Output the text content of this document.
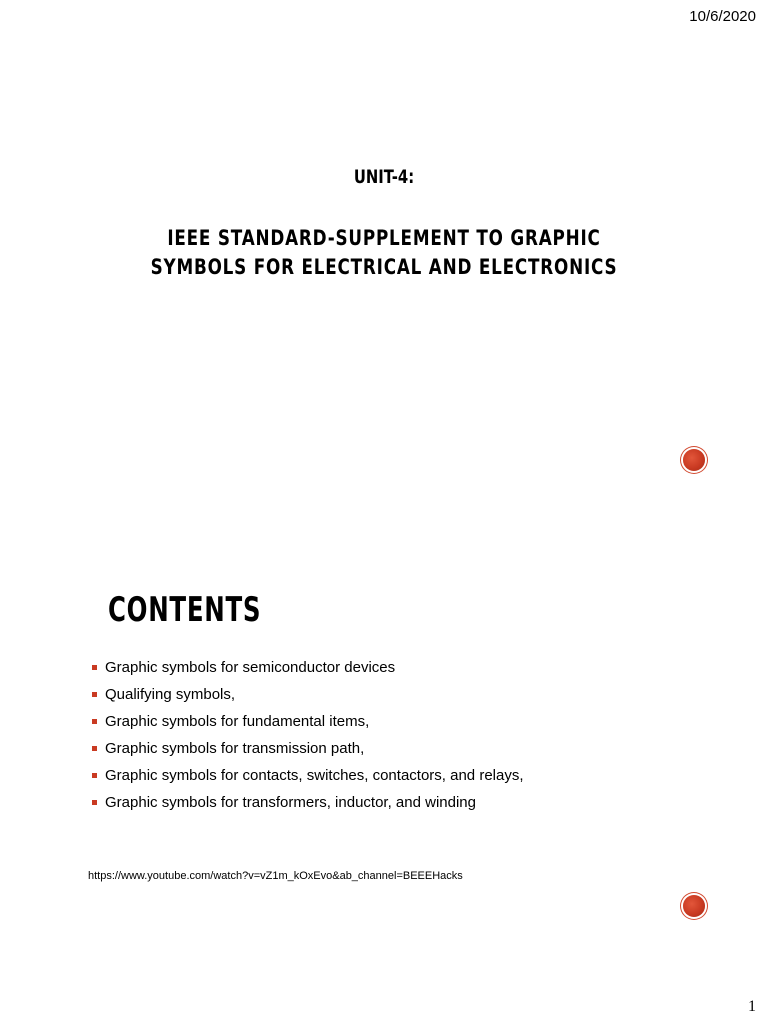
10/6/2020
UNIT-4:
IEEE STANDARD-SUPPLEMENT TO GRAPHIC
SYMBOLS FOR ELECTRICAL AND ELECTRONICS
CONTENTS
Graphic symbols for semiconductor devices
Qualifying symbols,
Graphic symbols for fundamental items,
Graphic symbols for transmission path,
Graphic symbols for contacts, switches, contactors, and relays,
Graphic symbols for transformers, inductor, and winding
https://www.youtube.com/watch?v=vZ1m_kOxEvo&ab_channel=BEEEHacks
1
